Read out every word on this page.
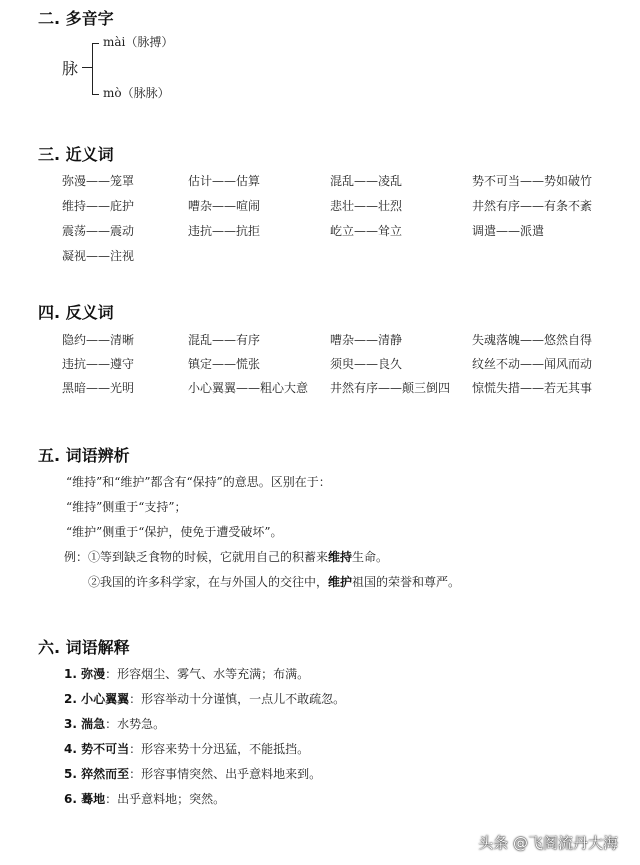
二. 多音字
脉
mài（脉搏）
mò（脉脉）
三. 近义词
弥漫——笼罩	估计——估算	混乱——凌乱	势不可当——势如破竹
维持——庇护	嘈杂——喧闹	悲壮——壮烈	井然有序——有条不紊
震荡——震动	违抗——抗拒	屹立——耸立	调遣——派遣
凝视——注视
四. 反义词
隐约——清晰	混乱——有序	嘈杂——清静	失魂落魄——悠然自得
违抗——遵守	镇定——慌张	须臾——良久	纹丝不动——闻风而动
黑暗——光明	小心翼翼——粗心大意 井然有序——颠三倒四 惊慌失措——若无其事
五. 词语辨析
“维持”和“维护”都含有“保持”的意思。区别在于：
“维持”侧重于“支持”；
“维护”侧重于“保护，使免于遭受破坏”。
例：①等到缺乏食物的时候，它就用自己的积蓄来维持生命。
②我国的许多科学家，在与外国人的交往中，维护祖国的荣誉和尊严。
六. 词语解释
1. 弥漫：形容烟尘、雾气、水等充满；布满。
2. 小心翼翼：形容举动十分谨慎，一点儿不敢疏忽。
3. 湍急：水势急。
4. 势不可当：形容来势十分迅猛，不能抵挡。
5. 猝然而至：形容事情突然、出乎意料地来到。
6. 蓦地：出乎意料地；突然。
头条 @飞阁流丹大海
